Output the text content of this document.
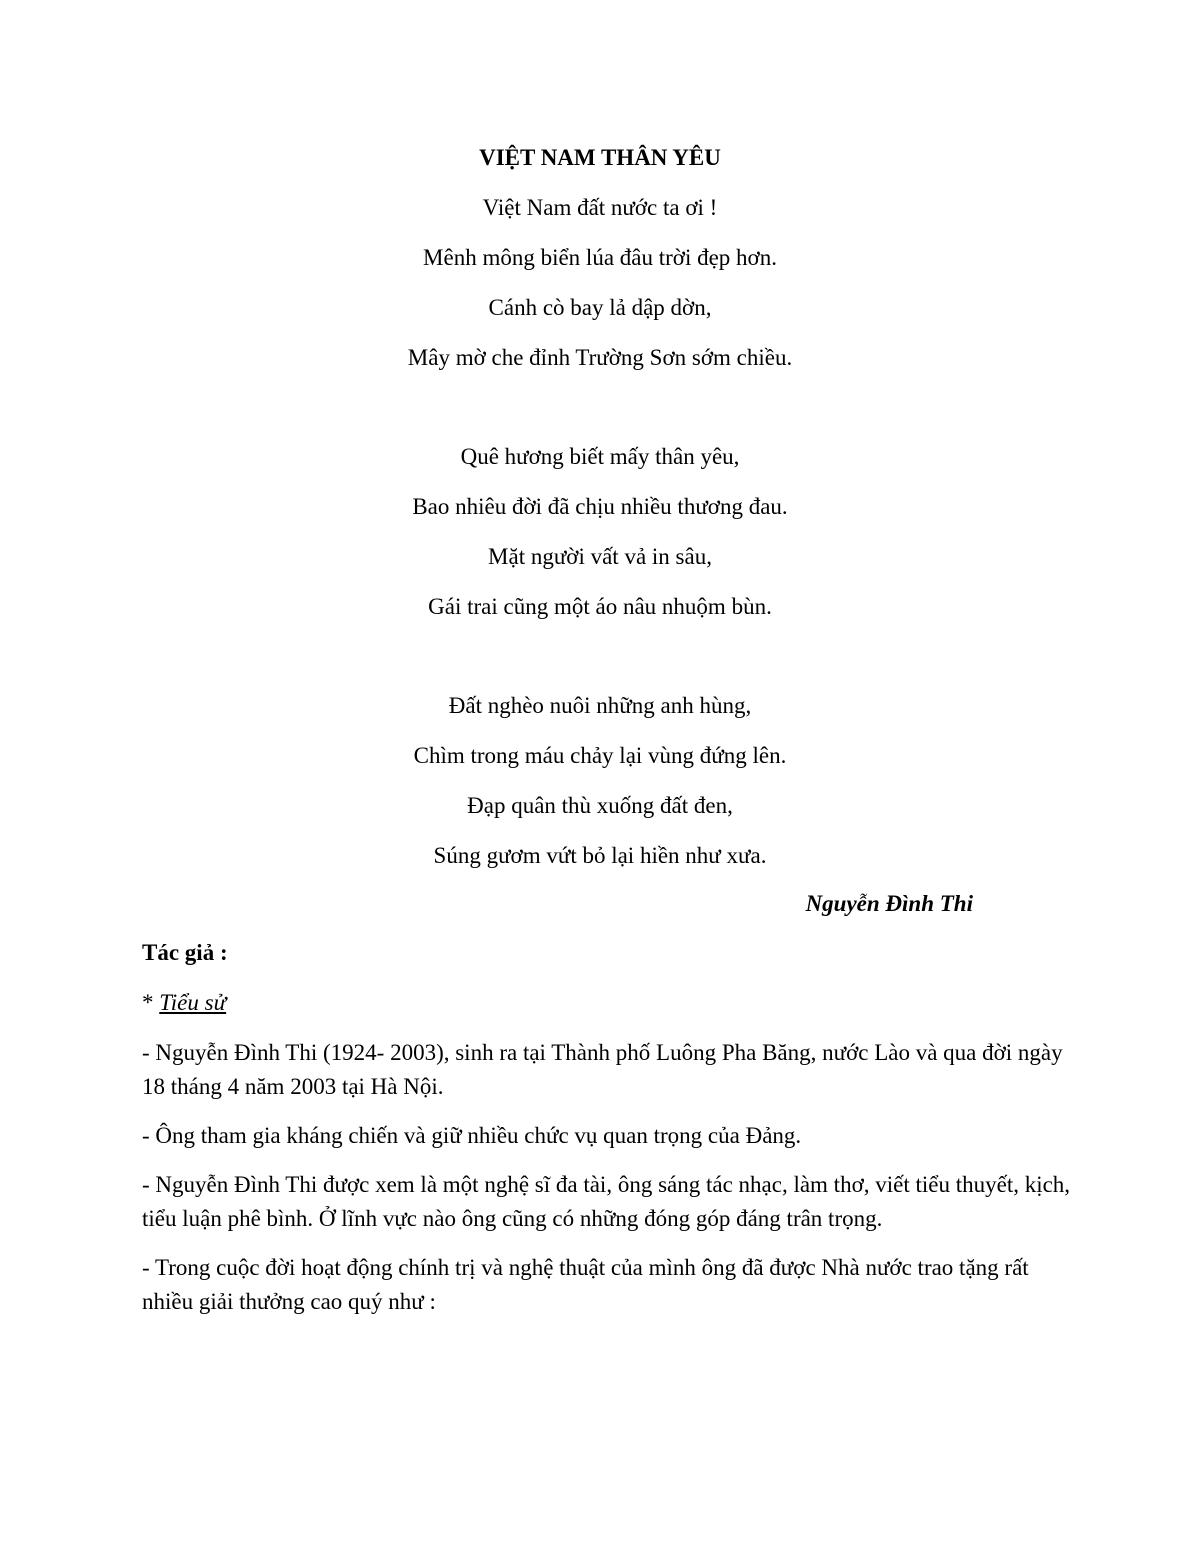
VIỆT NAM THÂN YÊU
Việt Nam đất nước ta ơi !
Mênh mông biển lúa đâu trời đẹp hơn.
Cánh cò bay lả dập dờn,
Mây mờ che đỉnh Trường Sơn sớm chiều.
Quê hương biết mấy thân yêu,
Bao nhiêu đời đã chịu nhiều thương đau.
Mặt người vất vả in sâu,
Gái trai cũng một áo nâu nhuộm bùn.
Đất nghèo nuôi những anh hùng,
Chìm trong máu chảy lại vùng đứng lên.
Đạp quân thù xuống đất đen,
Súng gươm vứt bỏ lại hiền như xưa.
Nguyễn Đình Thi

Tác giả :

* Tiểu sử

- Nguyễn Đình Thi (1924- 2003), sinh ra tại Thành phố Luông Pha Băng, nước Lào và qua đời ngày 18 tháng 4 năm 2003 tại Hà Nội.

- Ông tham gia kháng chiến và giữ nhiều chức vụ quan trọng của Đảng.

- Nguyễn Đình Thi được xem là một nghệ sĩ đa tài, ông sáng tác nhạc, làm thơ, viết tiểu thuyết, kịch, tiểu luận phê bình. Ở lĩnh vực nào ông cũng có những đóng góp đáng trân trọng.

- Trong cuộc đời hoạt động chính trị và nghệ thuật của mình ông đã được Nhà nước trao tặng rất nhiều giải thưởng cao quý như :
